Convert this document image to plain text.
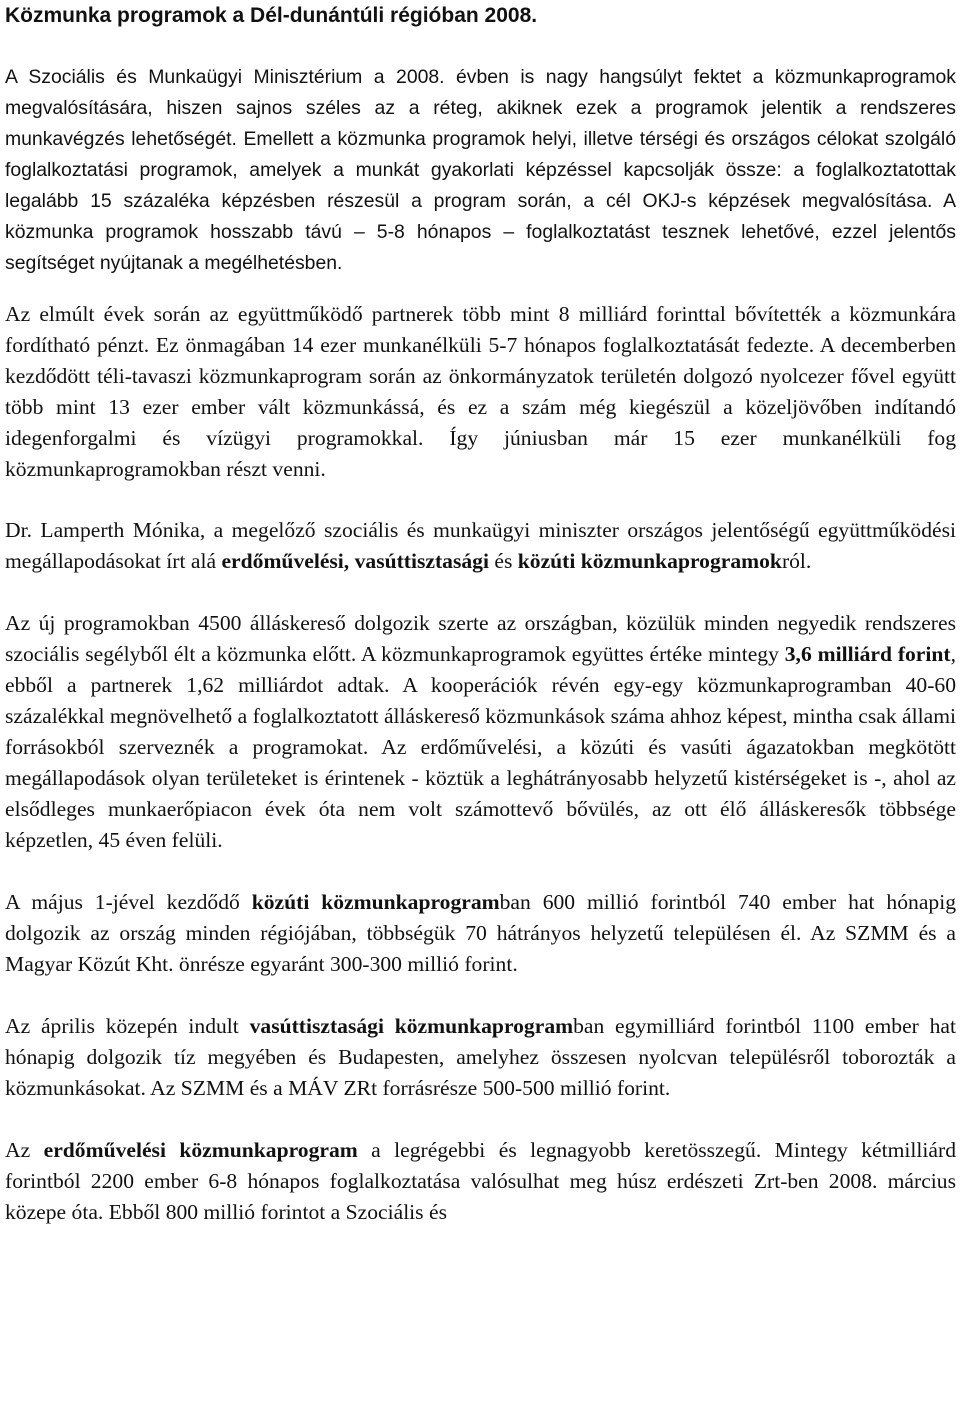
Közmunka programok a Dél-dunántúli régióban 2008.

A Szociális és Munkaügyi Minisztérium a 2008. évben is nagy hangsúlyt fektet a közmunkaprogramok megvalósítására, hiszen sajnos széles az a réteg, akiknek ezek a programok jelentik a rendszeres munkavégzés lehetőségét. Emellett a közmunka programok helyi, illetve térségi és országos célokat szolgáló foglalkoztatási programok, amelyek a munkát gyakorlati képzéssel kapcsolják össze: a foglalkoztatottak legalább 15 százaléka képzésben részesül a program során, a cél OKJ-s képzések megvalósítása. A közmunka programok hosszabb távú – 5-8 hónapos – foglalkoztatást tesznek lehetővé, ezzel jelentős segítséget nyújtanak a megélhetésben.

Az elmúlt évek során az együttműködő partnerek több mint 8 milliárd forinttal bővítették a közmunkára fordítható pénzt. Ez önmagában 14 ezer munkanélküli 5-7 hónapos foglalkoztatását fedezte. A decemberben kezdődött téli-tavaszi közmunkaprogram során az önkormányzatok területén dolgozó nyolcezer fővel együtt több mint 13 ezer ember vált közmunkássá, és ez a szám még kiegészül a közeljövőben indítandó idegenforgalmi és vízügyi programokkal. Így júniusban már 15 ezer munkanélküli fog közmunkaprogramokban részt venni.

Dr. Lamperth Mónika, a megelőző szociális és munkaügyi miniszter országos jelentőségű együttműködési megállapodásokat írt alá erdőművelési, vasúttisztasági és közúti közmunkaprogramokról.

Az új programokban 4500 álláskereső dolgozik szerte az országban, közülük minden negyedik rendszeres szociális segélyből élt a közmunka előtt. A közmunkaprogramok együttes értéke mintegy 3,6 milliárd forint, ebből a partnerek 1,62 milliárdot adtak. A kooperációk révén egy-egy közmunkaprogramban 40-60 százalékkal megnövelhető a foglalkoztatott álláskereső közmunkások száma ahhoz képest, mintha csak állami forrásokból szerveznék a programokat. Az erdőművelési, a közúti és vasúti ágazatokban megkötött megállapodások olyan területeket is érintenek - köztük a leghátrányosabb helyzetű kistérségeket is -, ahol az elsődleges munkaerőpiacon évek óta nem volt számottevő bővülés, az ott élő álláskeresők többsége képzetlen, 45 éven felüli.

A május 1-jével kezdődő közúti közmunkaprogramban 600 millió forintból 740 ember hat hónapig dolgozik az ország minden régiójában, többségük 70 hátrányos helyzetű településen él. Az SZMM és a Magyar Közút Kht. önrésze egyaránt 300-300 millió forint.

Az április közepén indult vasúttisztasági közmunkaprogramban egymilliárd forintból 1100 ember hat hónapig dolgozik tíz megyében és Budapesten, amelyhez összesen nyolcvan településről toborozták a közmunkásokat. Az SZMM és a MÁV ZRt forrásrésze 500-500 millió forint.

Az erdőművelési közmunkaprogram a legrégebbi és legnagyobb keretösszegű. Mintegy kétmilliárd forintból 2200 ember 6-8 hónapos foglalkoztatása valósulhat meg húsz erdészeti Zrt-ben 2008. március közepe óta. Ebből 800 millió forintot a Szociális és
